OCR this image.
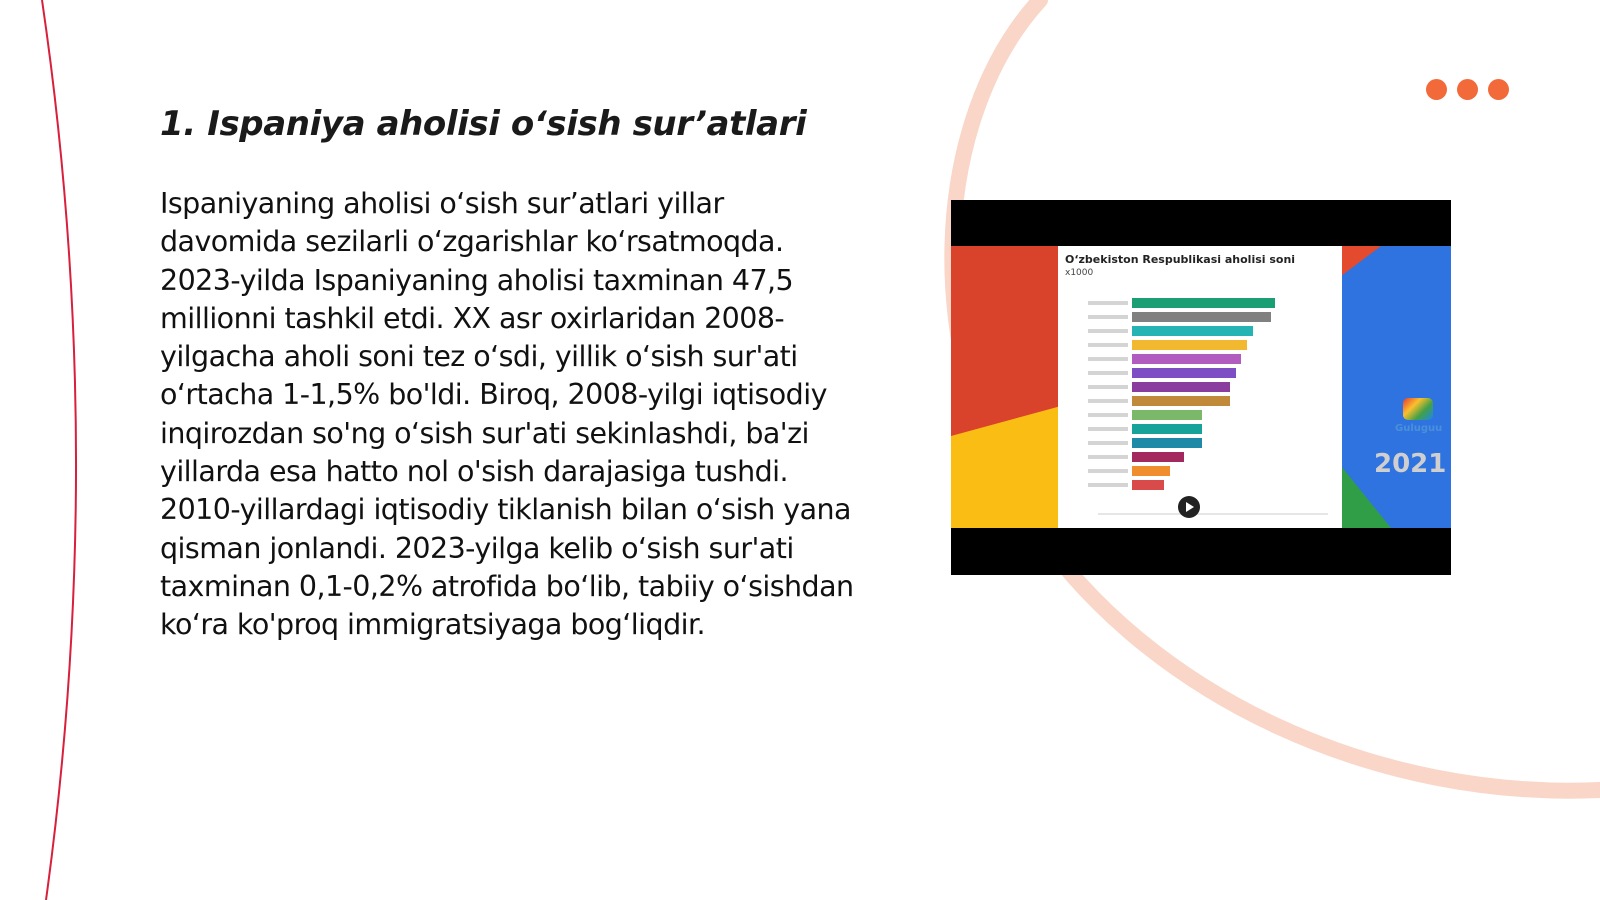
1. Ispaniya aholisi o‘sish sur’atlari
Ispaniyaning aholisi o‘sish sur’atlari yillar davomida sezilarli o‘zgarishlar ko‘rsatmoqda. 2023-yilda Ispaniyaning aholisi taxminan 47,5 millionni tashkil etdi. XX asr oxirlaridan 2008-yilgacha aholi soni tez o‘sdi, yillik o‘sish sur'ati o‘rtacha 1-1,5% bo'ldi. Biroq, 2008-yilgi iqtisodiy inqirozdan so'ng o‘sish sur'ati sekinlashdi, ba'zi yillarda esa hatto nol o'sish darajasiga tushdi. 2010-yillardagi iqtisodiy tiklanish bilan o‘sish yana qisman jonlandi. 2023-yilga kelib o‘sish sur'ati taxminan 0,1-0,2% atrofida bo‘lib, tabiiy o‘sishdan ko‘ra ko'proq immigratsiyaga bog‘liqdir.
O‘zbekiston Respublikasi aholisi soni
x1000
Guluguu
2021
